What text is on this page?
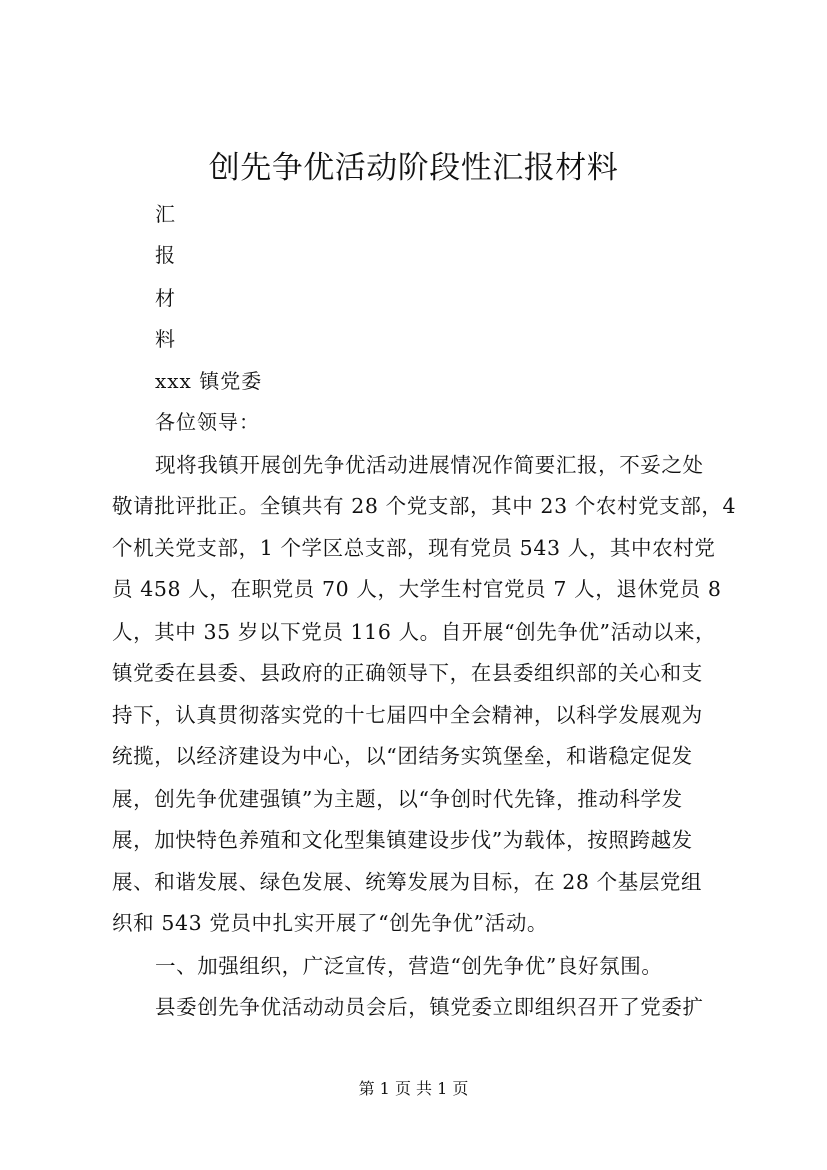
创先争优活动阶段性汇报材料
汇
报
材
料
xxx 镇党委
各位领导：
现将我镇开展创先争优活动进展情况作简要汇报，不妥之处
敬请批评批正。全镇共有 28 个党支部，其中 23 个农村党支部，4
个机关党支部，1 个学区总支部，现有党员 543 人，其中农村党
员 458 人，在职党员 70 人，大学生村官党员 7 人，退休党员 8
人，其中 35 岁以下党员 116 人。自开展“创先争优”活动以来，
镇党委在县委、县政府的正确领导下，在县委组织部的关心和支
持下，认真贯彻落实党的十七届四中全会精神，以科学发展观为
统揽，以经济建设为中心，以“团结务实筑堡垒，和谐稳定促发
展，创先争优建强镇”为主题，以“争创时代先锋，推动科学发
展，加快特色养殖和文化型集镇建设步伐”为载体，按照跨越发
展、和谐发展、绿色发展、统筹发展为目标，在 28 个基层党组
织和 543 党员中扎实开展了“创先争优”活动。
一、加强组织，广泛宣传，营造“创先争优”良好氛围。
县委创先争优活动动员会后，镇党委立即组织召开了党委扩
第 1 页 共 1 页
